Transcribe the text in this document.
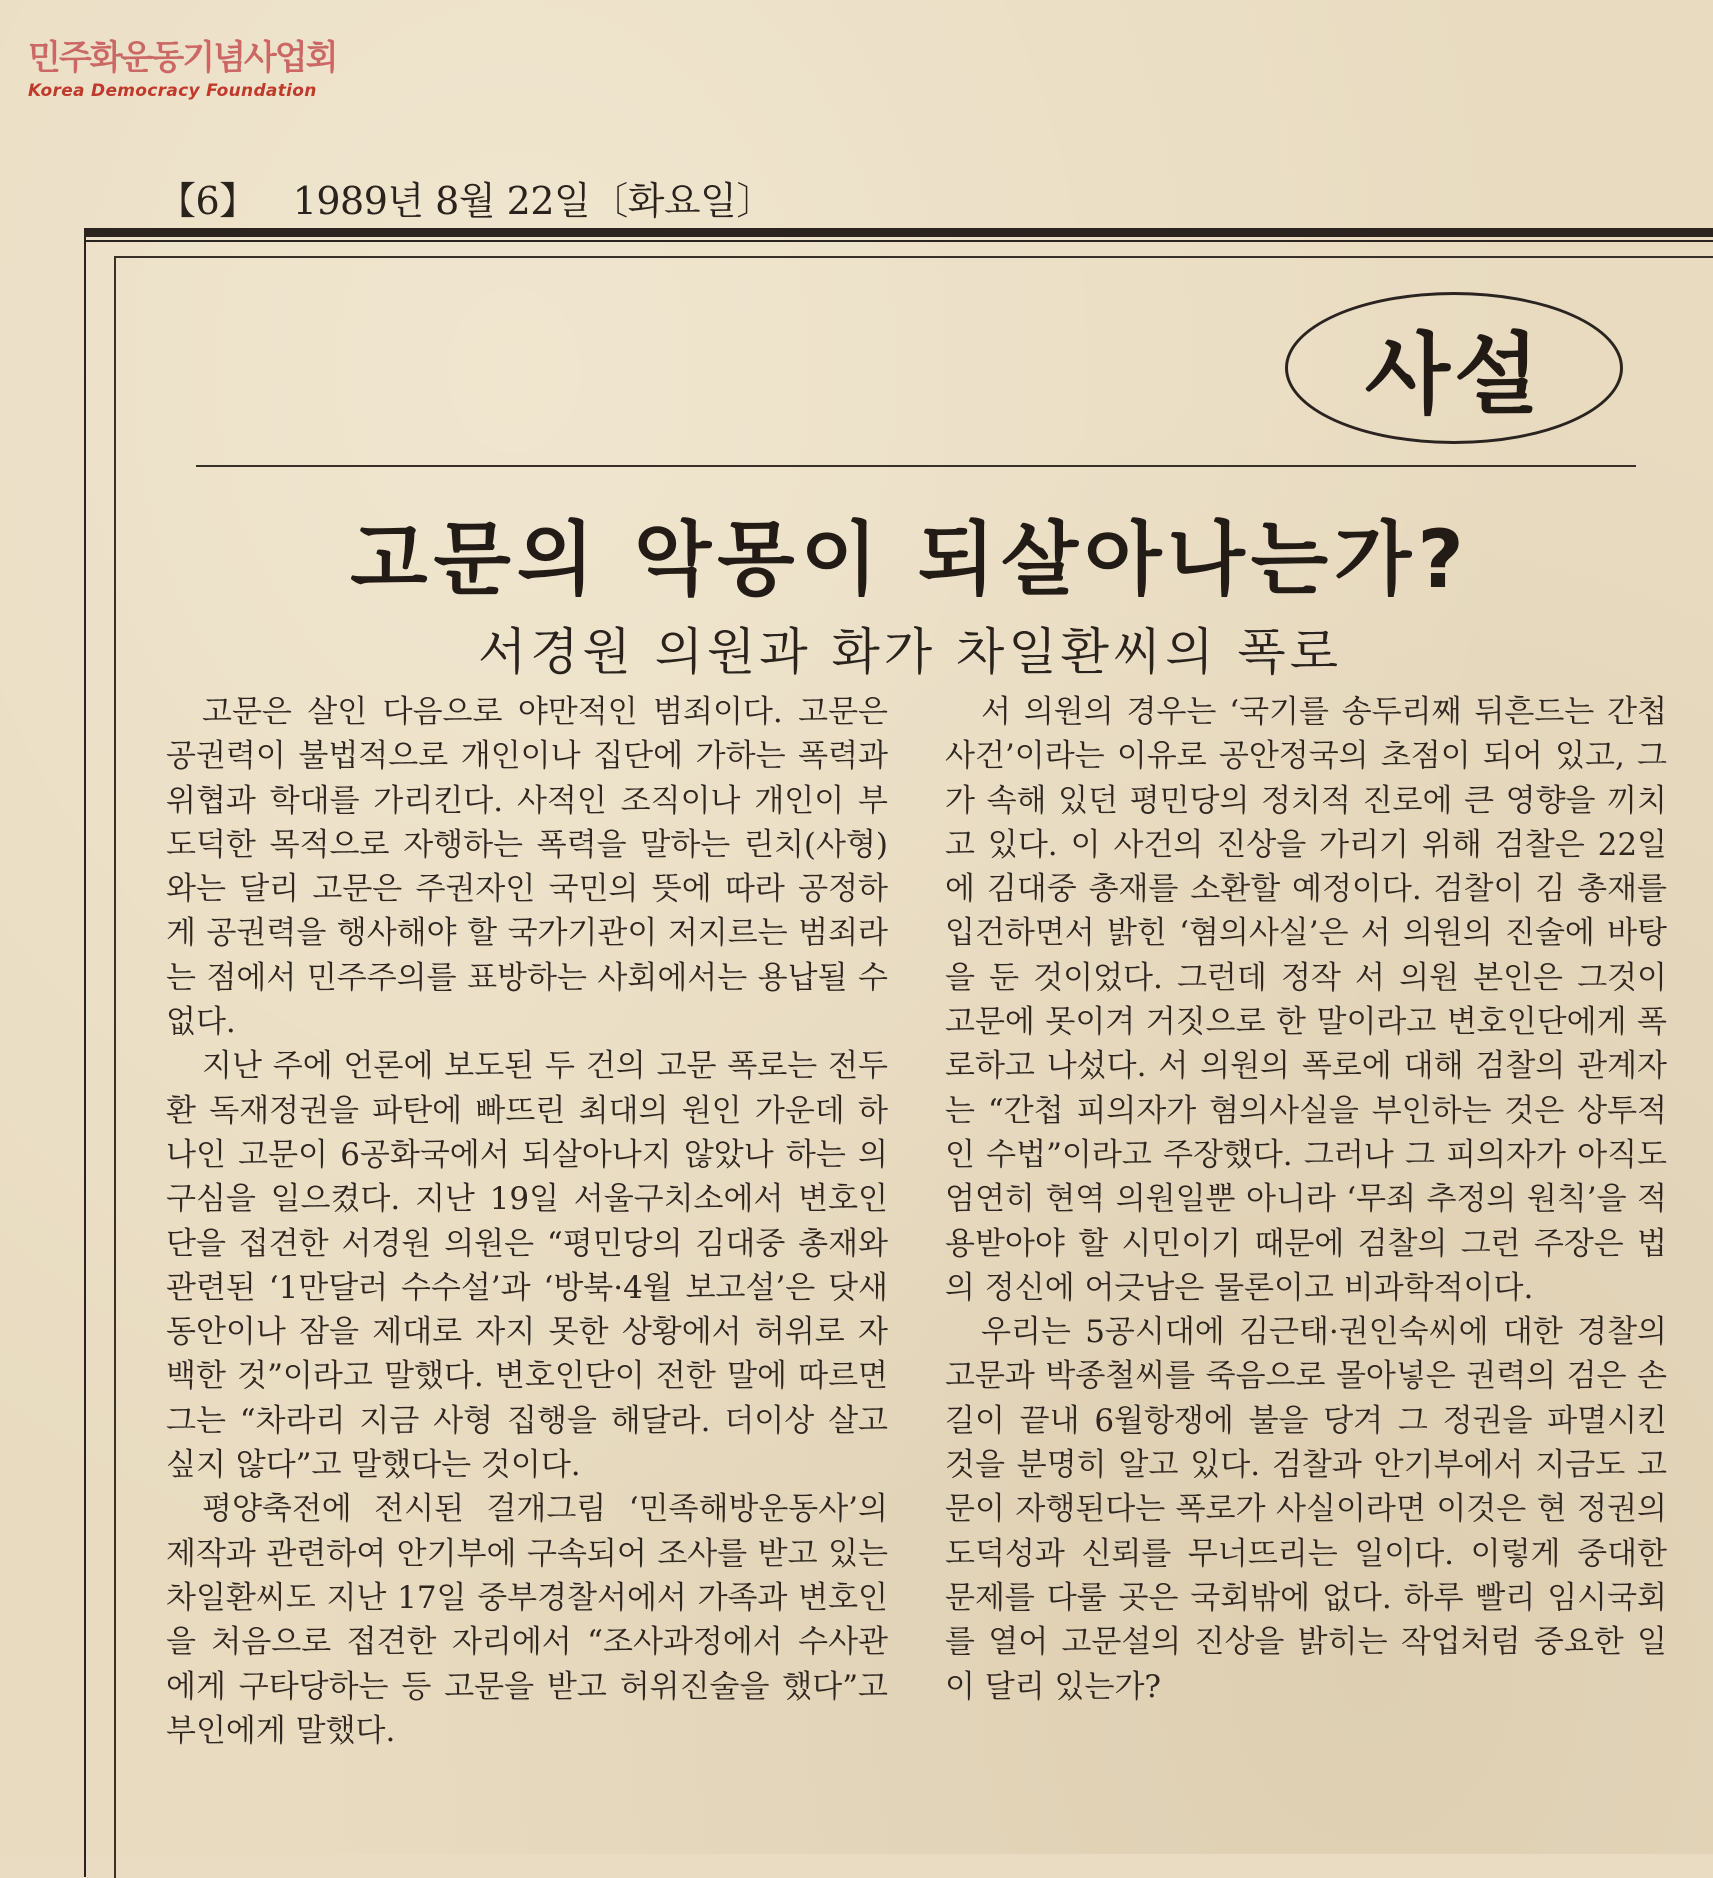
민주화운동기념사업회
Korea Democracy Foundation
【6】 1989년 8월 22일〔화요일〕
사설
고문의 악몽이 되살아나는가?
서경원 의원과 화가 차일환씨의 폭로

고문은 살인 다음으로 야만적인 범죄이다. 고문은 공권력이 불법적으로 개인이나 집단에 가하는 폭력과 위협과 학대를 가리킨다. 사적인 조직이나 개인이 부도덕한 목적으로 자행하는 폭력을 말하는 린치(사형)와는 달리 고문은 주권자인 국민의 뜻에 따라 공정하게 공권력을 행사해야 할 국가기관이 저지르는 범죄라는 점에서 민주주의를 표방하는 사회에서는 용납될 수 없다.

지난 주에 언론에 보도된 두 건의 고문 폭로는 전두환 독재정권을 파탄에 빠뜨린 최대의 원인 가운데 하나인 고문이 6공화국에서 되살아나지 않았나 하는 의구심을 일으켰다. 지난 19일 서울구치소에서 변호인단을 접견한 서경원 의원은 “평민당의 김대중 총재와 관련된 ‘1만달러 수수설’과 ‘방북·4월 보고설’은 닷새 동안이나 잠을 제대로 자지 못한 상황에서 허위로 자백한 것”이라고 말했다. 변호인단이 전한 말에 따르면 그는 “차라리 지금 사형 집행을 해달라. 더이상 살고 싶지 않다”고 말했다는 것이다.

평양축전에 전시된 걸개그림 ‘민족해방운동사’의 제작과 관련하여 안기부에 구속되어 조사를 받고 있는 차일환씨도 지난 17일 중부경찰서에서 가족과 변호인을 처음으로 접견한 자리에서 “조사과정에서 수사관에게 구타당하는 등 고문을 받고 허위진술을 했다”고 부인에게 말했다.

서 의원의 경우는 ‘국기를 송두리째 뒤흔드는 간첩사건’이라는 이유로 공안정국의 초점이 되어 있고, 그가 속해 있던 평민당의 정치적 진로에 큰 영향을 끼치고 있다. 이 사건의 진상을 가리기 위해 검찰은 22일에 김대중 총재를 소환할 예정이다. 검찰이 김 총재를 입건하면서 밝힌 ‘혐의사실’은 서 의원의 진술에 바탕을 둔 것이었다. 그런데 정작 서 의원 본인은 그것이 고문에 못이겨 거짓으로 한 말이라고 변호인단에게 폭로하고 나섰다. 서 의원의 폭로에 대해 검찰의 관계자는 “간첩 피의자가 혐의사실을 부인하는 것은 상투적인 수법”이라고 주장했다. 그러나 그 피의자가 아직도 엄연히 현역 의원일뿐 아니라 ‘무죄 추정의 원칙’을 적용받아야 할 시민이기 때문에 검찰의 그런 주장은 법의 정신에 어긋남은 물론이고 비과학적이다.

우리는 5공시대에 김근태·권인숙씨에 대한 경찰의 고문과 박종철씨를 죽음으로 몰아넣은 권력의 검은 손길이 끝내 6월항쟁에 불을 당겨 그 정권을 파멸시킨 것을 분명히 알고 있다. 검찰과 안기부에서 지금도 고문이 자행된다는 폭로가 사실이라면 이것은 현 정권의 도덕성과 신뢰를 무너뜨리는 일이다. 이렇게 중대한 문제를 다룰 곳은 국회밖에 없다. 하루 빨리 임시국회를 열어 고문설의 진상을 밝히는 작업처럼 중요한 일이 달리 있는가?
